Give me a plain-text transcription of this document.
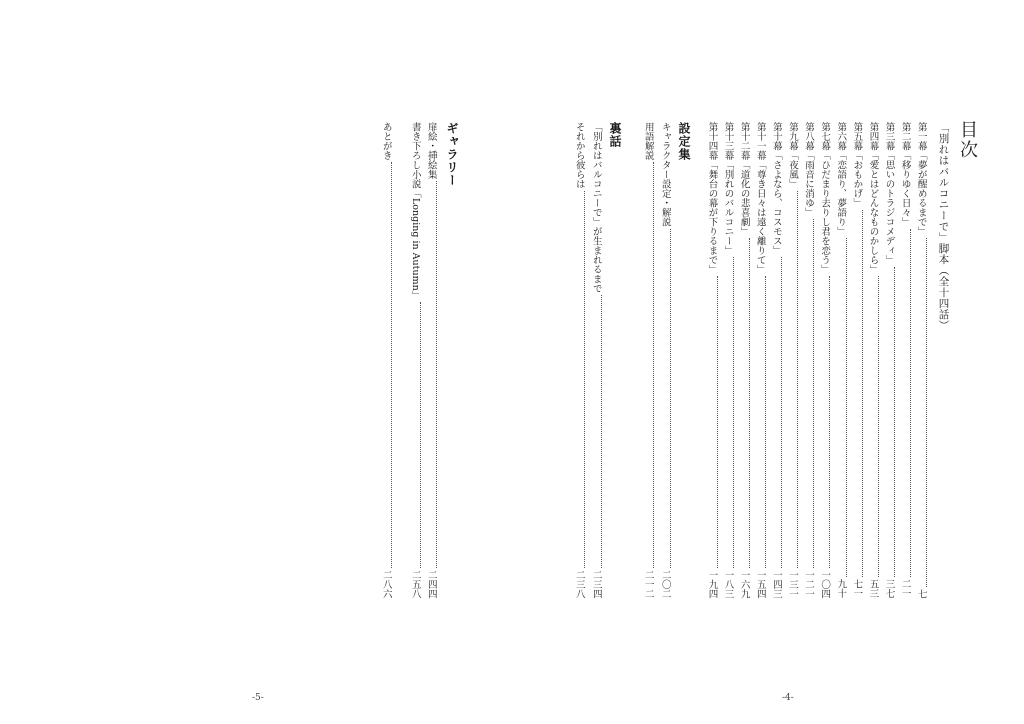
目次
「別れはバルコニーで」脚本（全十四話）
第一幕「夢が醒めるまで」
七
第二幕「移りゆく日々」
二一
第三幕「思いのトラジコメディ」
三七
第四幕「愛とはどんなものかしら」
五三
第五幕「おもかげ」
七一
第六幕「恋語り、夢語り」
九十
第七幕「ひだまり去りし君を恋う」
一〇四
第八幕「雨音に消ゆ」
一二一
第九幕「夜風」
一三一
第十幕「さよなら、コスモス」
一四三
第十一幕「尊き日々は遠く離りて」
一五四
第十二幕「道化の悲喜劇」
一六九
第十三幕「別れのバルコニー」
一八三
第十四幕「舞台の幕が下りるまで」
一九四
設定集
キャラクター設定・解説
二〇二
用語解説
二一二
裏話
「別れはバルコニーで」が生まれるまで
二三四
それから彼らは
二三八
-4-
ギャラリー
扉絵・挿絵集
二四四
書き下ろし小説「Longing in Autumn」
二五八
あとがき
二八六
-5-
